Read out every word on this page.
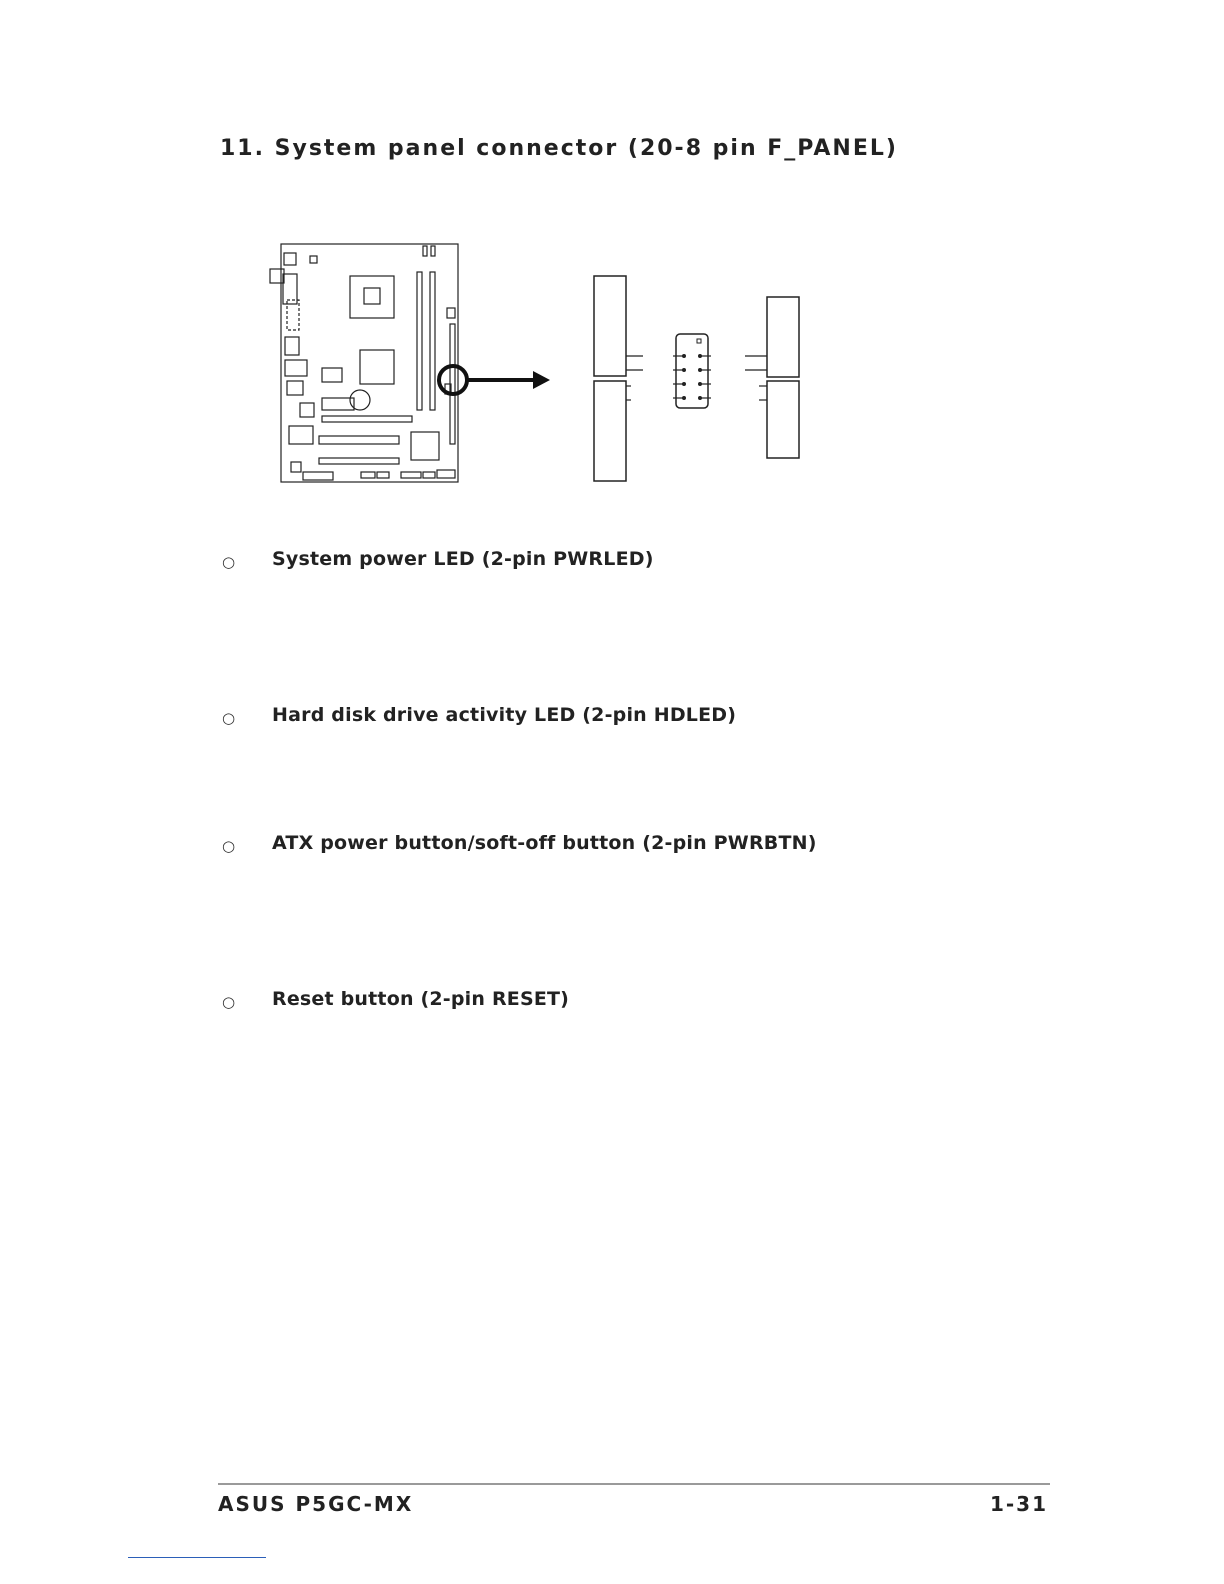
11. System panel connector (20-8 pin F_PANEL)
○ System power LED (2-pin PWRLED)
○ Hard disk drive activity LED (2-pin HDLED)
○ ATX power button/soft-off button (2-pin PWRBTN)
○ Reset button (2-pin RESET)
ASUS P5GC-MX	1-31
